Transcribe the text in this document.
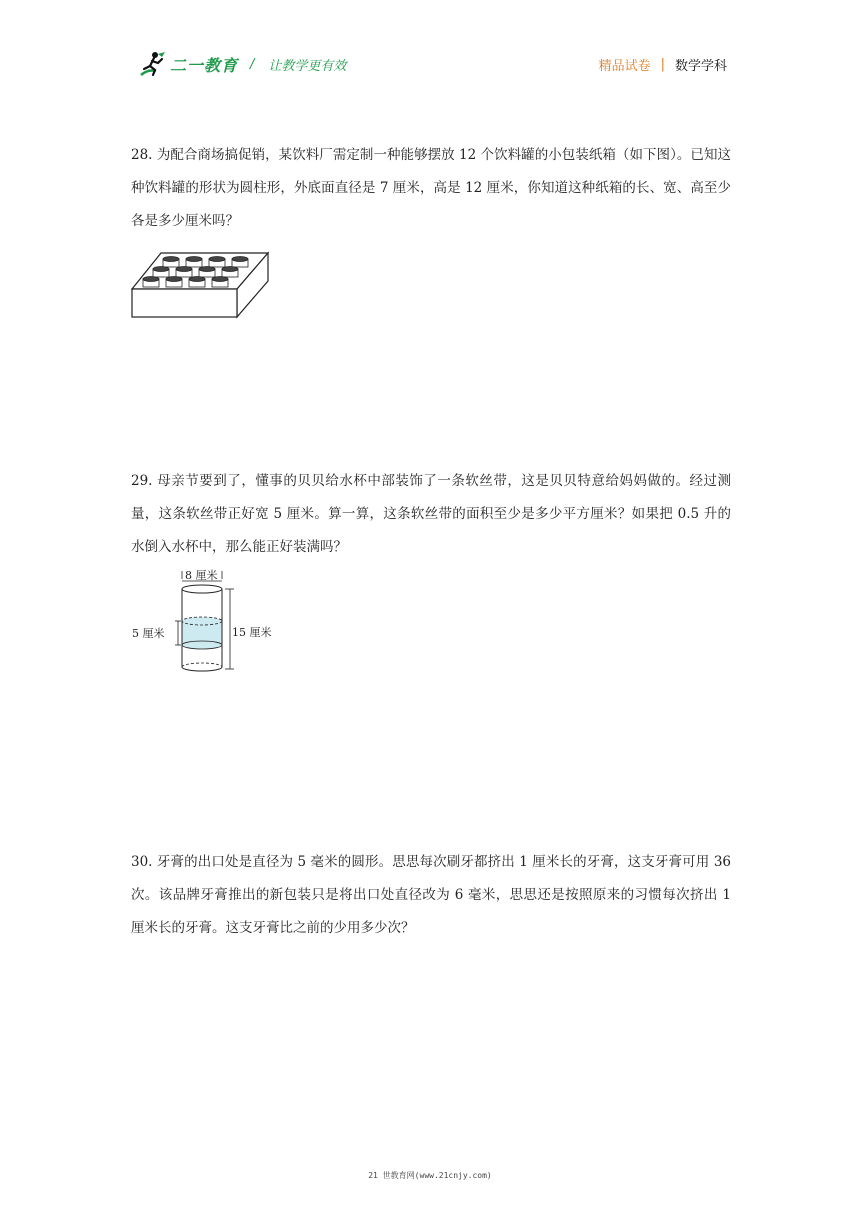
二一教育 / 让教学更有效	精品试卷 | 数学学科

28. 为配合商场搞促销，某饮料厂需定制一种能够摆放 12 个饮料罐的小包装纸箱（如下图）。已知这种饮料罐的形状为圆柱形，外底面直径是 7 厘米，高是 12 厘米，你知道这种纸箱的长、宽、高至少各是多少厘米吗？

29. 母亲节要到了，懂事的贝贝给水杯中部装饰了一条软丝带，这是贝贝特意给妈妈做的。经过测量，这条软丝带正好宽 5 厘米。算一算，这条软丝带的面积至少是多少平方厘米？如果把 0.5 升的水倒入水杯中，那么能正好装满吗？

8 厘米
5 厘米	15 厘米

30. 牙膏的出口处是直径为 5 毫米的圆形。思思每次刷牙都挤出 1 厘米长的牙膏，这支牙膏可用 36 次。该品牌牙膏推出的新包装只是将出口处直径改为 6 毫米，思思还是按照原来的习惯每次挤出 1 厘米长的牙膏。这支牙膏比之前的少用多少次？

21 世教育网(www.21cnjy.com)
